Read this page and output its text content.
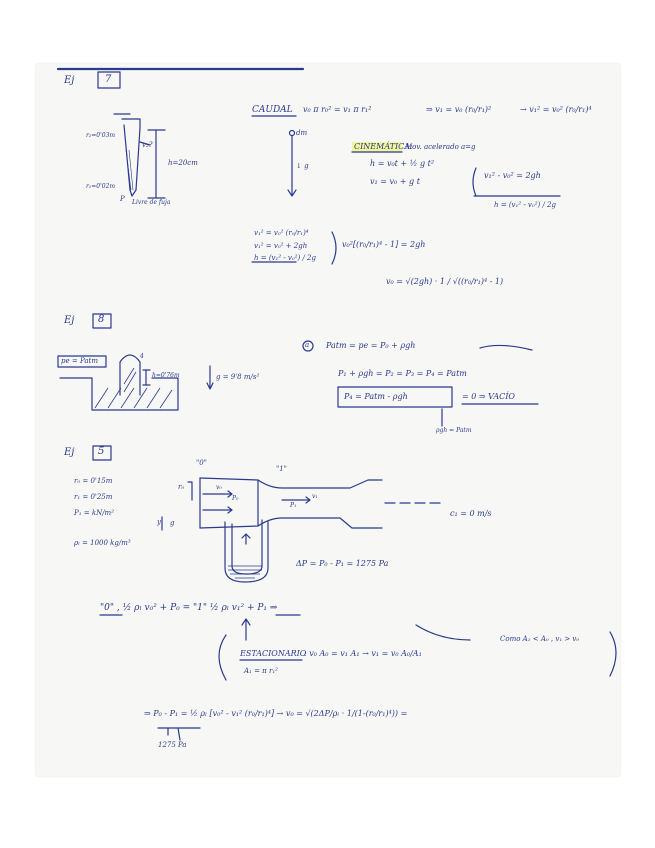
Ej	7
r₂=0'03m
v₂?
h=20cm
r₁=0'02m
P Livre de fuja
CAUDAL v₀ π r₀² = v₁ π r₁²	⇒ v₁ = v₀ (r₀/r₁)²	→ v₁² = v₀² (r₀/r₁)⁴
dm
↓ g
CINEMÁTICA:
Mov. acelerado a=g
h = v₀t + ½ g t²
v₁ = v₀ + g t
v₁² - v₀² = 2gh
h = (v₁² - v₀²) / 2g
v₁² = v₀² (r₀/r₁)⁴
v₁² = v₀² + 2gh
h = (v₁² - v₀²) / 2g
v₀²[(r₀/r₁)⁴ - 1] = 2gh
v₀ = √(2gh) · 1 / √((r₀/r₁)⁴ - 1)
Ej 8
pe = Patm
h=0'76m
4
g = 9'8 m/s²
a Patm = pe = P₀ + ρgh
P₁ + ρgh = P₂ = P₃ = P₄ = Patm
P₄ = Patm - ρgh	= 0 ⇒ VACÍO
ρgh = Patm
Ej 5
r₀ = 0'15m
r₁ = 0'25m
P₁ = kN/m²
ρₗ = 1000 kg/m³
"0"
"1"
r₀	v₀
P₀	v₁
P₁
y g
c₁ = 0 m/s
ΔP = P₀ - P₁ = 1275 Pa
"0" , ½ ρₗ v₀² + P₀ = "1" ½ ρₗ v₁² + P₁ ⇒
ESTACIONARIO
: v₀ A₀ = v₁ A₁ → v₁ = v₀ A₀/A₁
A₁ = π r₁²
Como A₁ < A₀ , v₁ > v₀
⇒ P₀ - P₁ = ½ ρₗ [v₀² - v₁² (r₀/r₁)⁴] → v₀ = √(2ΔP/ρₗ · 1/(1-(r₀/r₁)⁴)) =
1275 Pa
